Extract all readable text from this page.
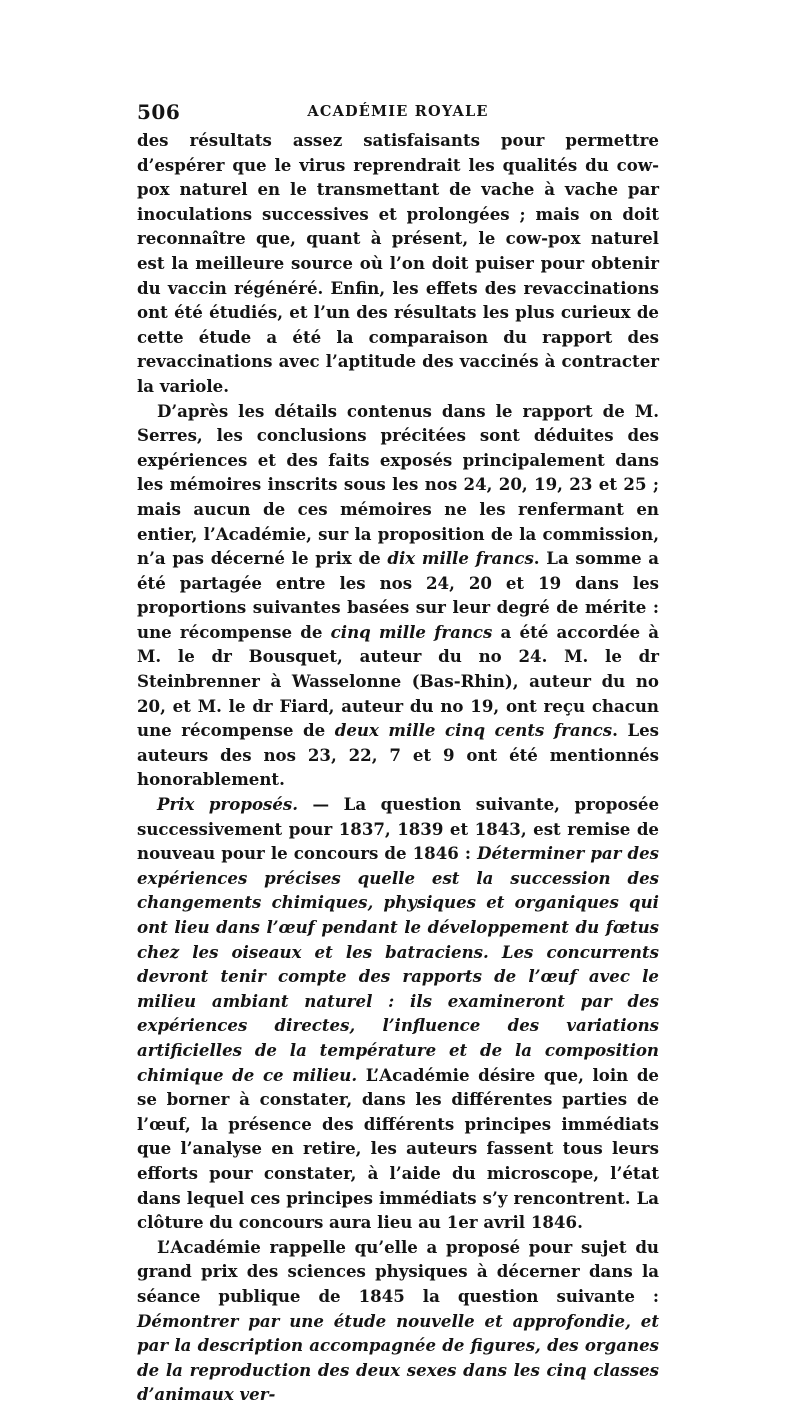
506	ACADÉMIE ROYALE

des résultats assez satisfaisants pour permettre d’espérer que le virus reprendrait les qualités du cow-pox naturel en le transmettant de vache à vache par inoculations successives et prolongées ; mais on doit reconnaître que, quant à présent, le cow-pox naturel est la meilleure source où l’on doit puiser pour obtenir du vaccin régénéré. Enfin, les effets des revaccinations ont été étudiés, et l’un des résultats les plus curieux de cette étude a été la comparaison du rapport des revaccinations avec l’aptitude des vaccinés à contracter la variole.

D’après les détails contenus dans le rapport de M. Serres, les conclusions précitées sont déduites des expériences et des faits exposés principalement dans les mémoires inscrits sous les nos 24, 20, 19, 23 et 25 ; mais aucun de ces mémoires ne les renfermant en entier, l’Académie, sur la proposition de la commission, n’a pas décerné le prix de dix mille francs. La somme a été partagée entre les nos 24, 20 et 19 dans les proportions suivantes basées sur leur degré de mérite : une récompense de cinq mille francs a été accordée à M. le dr Bousquet, auteur du no 24. M. le dr Steinbrenner à Wasselonne (Bas-Rhin), auteur du no 20, et M. le dr Fiard, auteur du no 19, ont reçu chacun une récompense de deux mille cinq cents francs. Les auteurs des nos 23, 22, 7 et 9 ont été mentionnés honorablement.

Prix proposés. — La question suivante, proposée successivement pour 1837, 1839 et 1843, est remise de nouveau pour le concours de 1846 : Déterminer par des expériences précises quelle est la succession des changements chimiques, physiques et organiques qui ont lieu dans l’œuf pendant le développement du fœtus chez les oiseaux et les batraciens. Les concurrents devront tenir compte des rapports de l’œuf avec le milieu ambiant naturel : ils examineront par des expériences directes, l’influence des variations artificielles de la température et de la composition chimique de ce milieu. L’Académie désire que, loin de se borner à constater, dans les différentes parties de l’œuf, la présence des différents principes immédiats que l’analyse en retire, les auteurs fassent tous leurs efforts pour constater, à l’aide du microscope, l’état dans lequel ces principes immédiats s’y rencontrent. La clôture du concours aura lieu au 1er avril 1846.

L’Académie rappelle qu’elle a proposé pour sujet du grand prix des sciences physiques à décerner dans la séance publique de 1845 la question suivante : Démontrer par une étude nouvelle et approfondie, et par la description accompagnée de figures, des organes de la reproduction des deux sexes dans les cinq classes d’animaux ver-
